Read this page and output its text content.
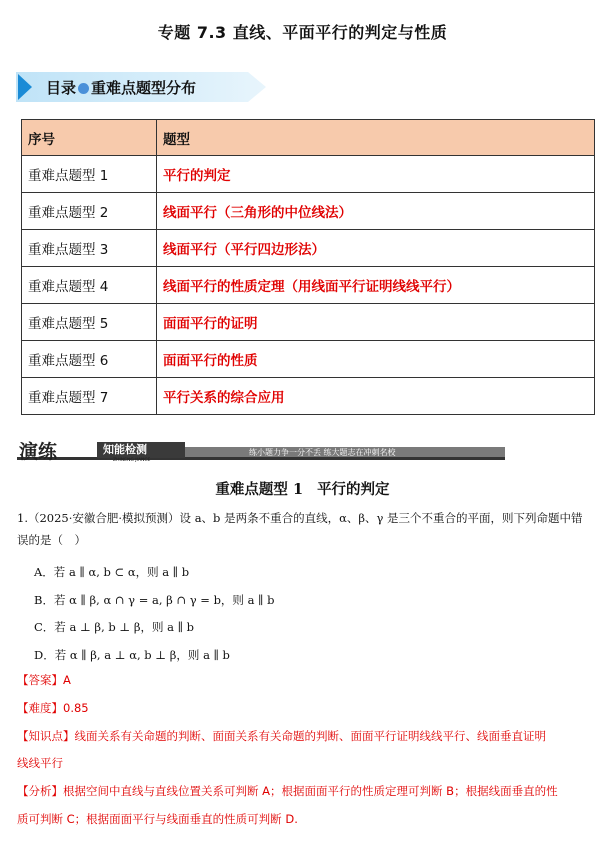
专题 7.3 直线、平面平行的判定与性质
目录 重难点题型分布
序号	题型
重难点题型 1	平行的判定
重难点题型 2	线面平行（三角形的中位线法）
重难点题型 3	线面平行（平行四边形法）
重难点题型 4	线面平行的性质定理（用线面平行证明线线平行）
重难点题型 5	面面平行的证明
重难点题型 6	面面平行的性质
重难点题型 7	平行关系的综合应用
演练	知能检测
ZHINENG JIANCE
练小题力争一分不丢 练大题志在冲刺名校
重难点题型 1 平行的判定
1.（2025·安徽合肥·模拟预测）设 a、b 是两条不重合的直线，α、β、γ 是三个不重合的平面，则下列命题中错
误的是（　）
A．若 a ∥ α, b ⊂ α，则 a ∥ b
B．若 α ∥ β, α ∩ γ = a, β ∩ γ = b，则 a ∥ b
C．若 a ⊥ β, b ⊥ β，则 a ∥ b
D．若 α ∥ β, a ⊥ α, b ⊥ β，则 a ∥ b
【答案】A
【难度】0.85
【知识点】线面关系有关命题的判断、面面关系有关命题的判断、面面平行证明线线平行、线面垂直证明
线线平行
【分析】根据空间中直线与直线位置关系可判断 A；根据面面平行的性质定理可判断 B；根据线面垂直的性
质可判断 C；根据面面平行与线面垂直的性质可判断 D.
